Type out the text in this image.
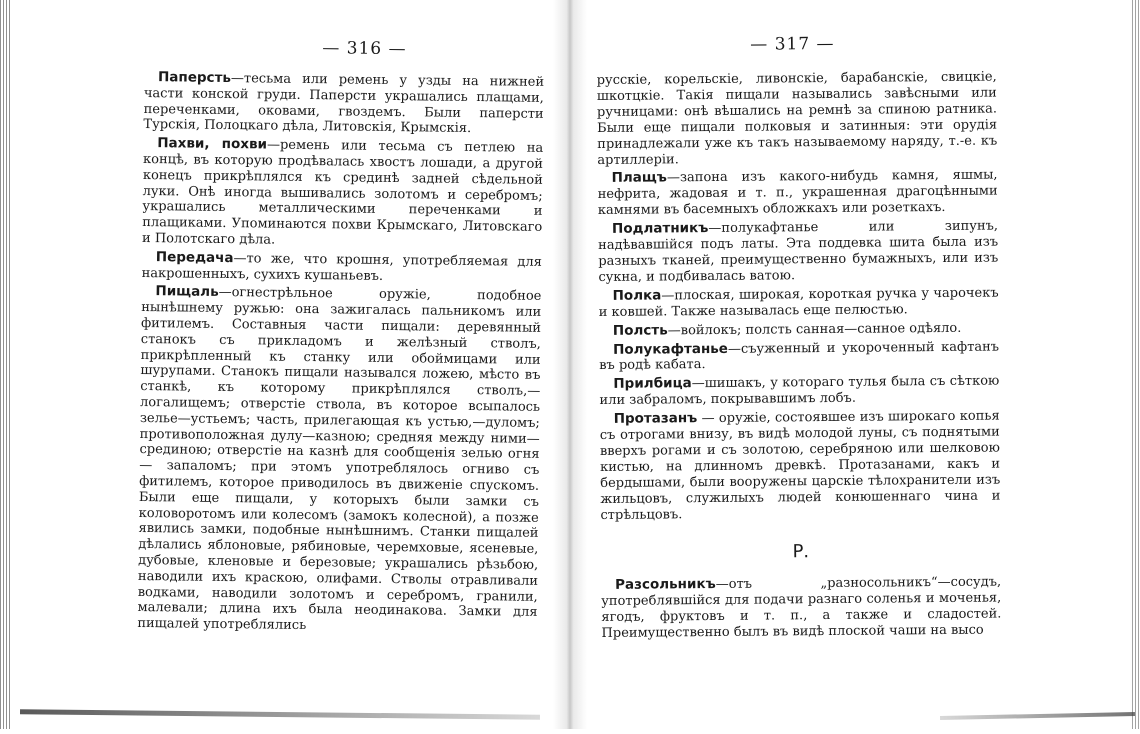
— 316 —

Паперсть—тесьма или ремень у узды на нижней части конской груди. Паперсти украшались плащами, переченками, оковами, гвоздемъ. Были паперсти Турскія, Полоцкаго дѣла, Литовскія, Крымскія.

Пахви, похви—ремень или тесьма съ петлею на концѣ, въ которую продѣвалась хвостъ лошади, а другой конецъ прикрѣплялся къ срединѣ задней сѣдельной луки. Онѣ иногда вышивались золотомъ и серебромъ; украшались металлическими переченками и плащиками. Упоминаются похви Крымскаго, Литовскаго и Полотскаго дѣла.

Передача—то же, что крошня, употребляемая для накрошенныхъ, сухихъ кушаньевъ.

Пищаль—огнестрѣльное оружіе, подобное нынѣшнему ружью: она зажигалась пальникомъ или фитилемъ. Составныя части пищали: деревянный станокъ съ прикладомъ и желѣзный стволъ, прикрѣпленный къ станку или обоймицами или шурупами. Станокъ пищали назывался ложею, мѣсто въ станкѣ, къ которому прикрѣплялся стволъ,—логалищемъ; отверстіе ствола, въ которое всыпалось зелье—устьемъ; часть, прилегающая къ устью,—дуломъ; противоположная дулу—казною; средняя между ними—срединою; отверстіе на казнѣ для сообщенія зелью огня — запаломъ; при этомъ употреблялось огниво съ фитилемъ, которое приводилось въ движеніе спускомъ. Были еще пищали, у которыхъ были замки съ коловоротомъ или колесомъ (замокъ колесной), а позже явились замки, подобные нынѣшнимъ. Станки пищалей дѣлались яблоновые, рябиновые, черемховые, ясеневые, дубовые, кленовые и березовые; украшались рѣзьбою, наводили ихъ краскою, олифами. Стволы отравливали водками, наводили золотомъ и серебромъ, гранили, малевали; длина ихъ была неодинакова. Замки для пищалей употреблялись

— 317 —

русскіе, корельскіе, ливонскіе, барабанскіе, свицкіе, шкотцкіе. Такія пищали назывались завѣсными или ручницами: онѣ вѣшались на ремнѣ за спиною ратника. Были еще пищали полковыя и затинныя: эти орудія принадлежали уже къ такъ называемому наряду, т.-е. къ артиллеріи.

Плащъ—запона изъ какого-нибудь камня, яшмы, нефрита, жадовая и т. п., украшенная драгоцѣнными камнями въ басемныхъ обложкахъ или розеткахъ.

Подлатникъ—полукафтанье или зипунъ, надѣвавшійся подъ латы. Эта поддевка шита была изъ разныхъ тканей, преимущественно бумажныхъ, или изъ сукна, и подбивалась ватою.

Полка—плоская, широкая, короткая ручка у чарочекъ и ковшей. Также называлась еще пелюстью.

Полсть—войлокъ; полсть санная—санное одѣяло.

Полукафтанье—съуженный и укороченный кафтанъ въ родѣ кабата.

Прилбица—шишакъ, у котораго тулья была съ сѣткою или забраломъ, покрывавшимъ лобъ.

Протазанъ — оружіе, состоявшее изъ широкаго копья съ отрогами внизу, въ видѣ молодой луны, съ поднятыми вверхъ рогами и съ золотою, серебряною или шелковою кистью, на длинномъ древкѣ. Протазанами, какъ и бердышами, были вооружены царскіе тѣлохранители изъ жильцовъ, служилыхъ людей конюшеннаго чина и стрѣльцовъ.

Р.

Разсольникъ—отъ „разносольникъ“—сосудъ, употреблявшійся для подачи разнаго соленья и моченья, ягодъ, фруктовъ и т. п., а также и сладостей. Преимущественно былъ въ видѣ плоской чаши на высо
